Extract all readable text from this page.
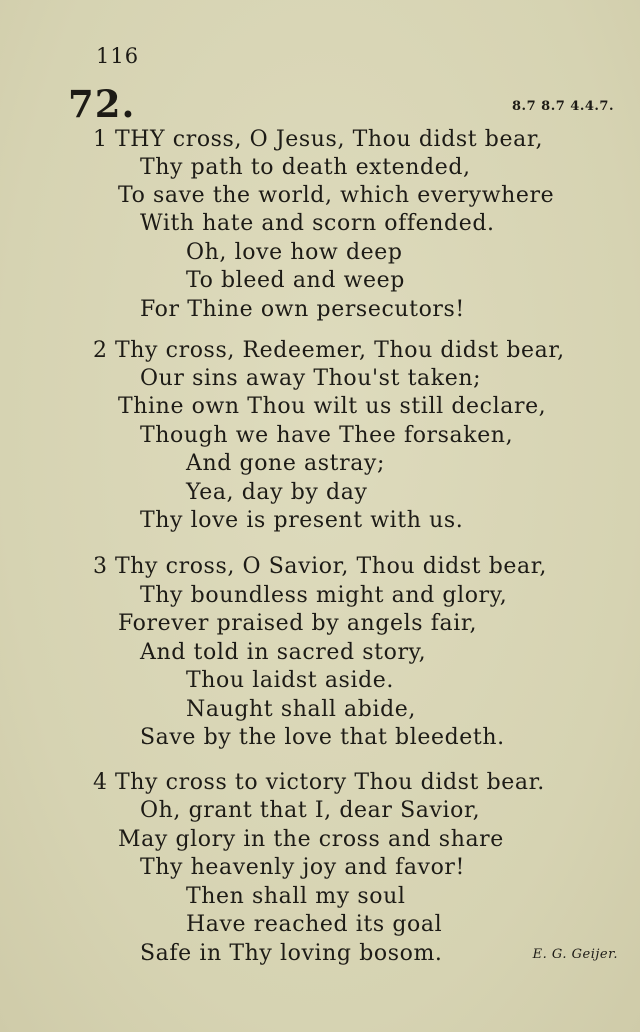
116
72.	8.7 8.7 4.4.7.
1 THY cross, O Jesus, Thou didst bear,
Thy path to death extended,
To save the world, which everywhere
With hate and scorn offended.
Oh, love how deep
To bleed and weep
For Thine own persecutors!
2 Thy cross, Redeemer, Thou didst bear,
Our sins away Thou'st taken;
Thine own Thou wilt us still declare,
Though we have Thee forsaken,
And gone astray;
Yea, day by day
Thy love is present with us.
3 Thy cross, O Savior, Thou didst bear,
Thy boundless might and glory,
Forever praised by angels fair,
And told in sacred story,
Thou laidst aside.
Naught shall abide,
Save by the love that bleedeth.
4 Thy cross to victory Thou didst bear.
Oh, grant that I, dear Savior,
May glory in the cross and share
Thy heavenly joy and favor!
Then shall my soul
Have reached its goal
Safe in Thy loving bosom.	E. G. Geijer.
